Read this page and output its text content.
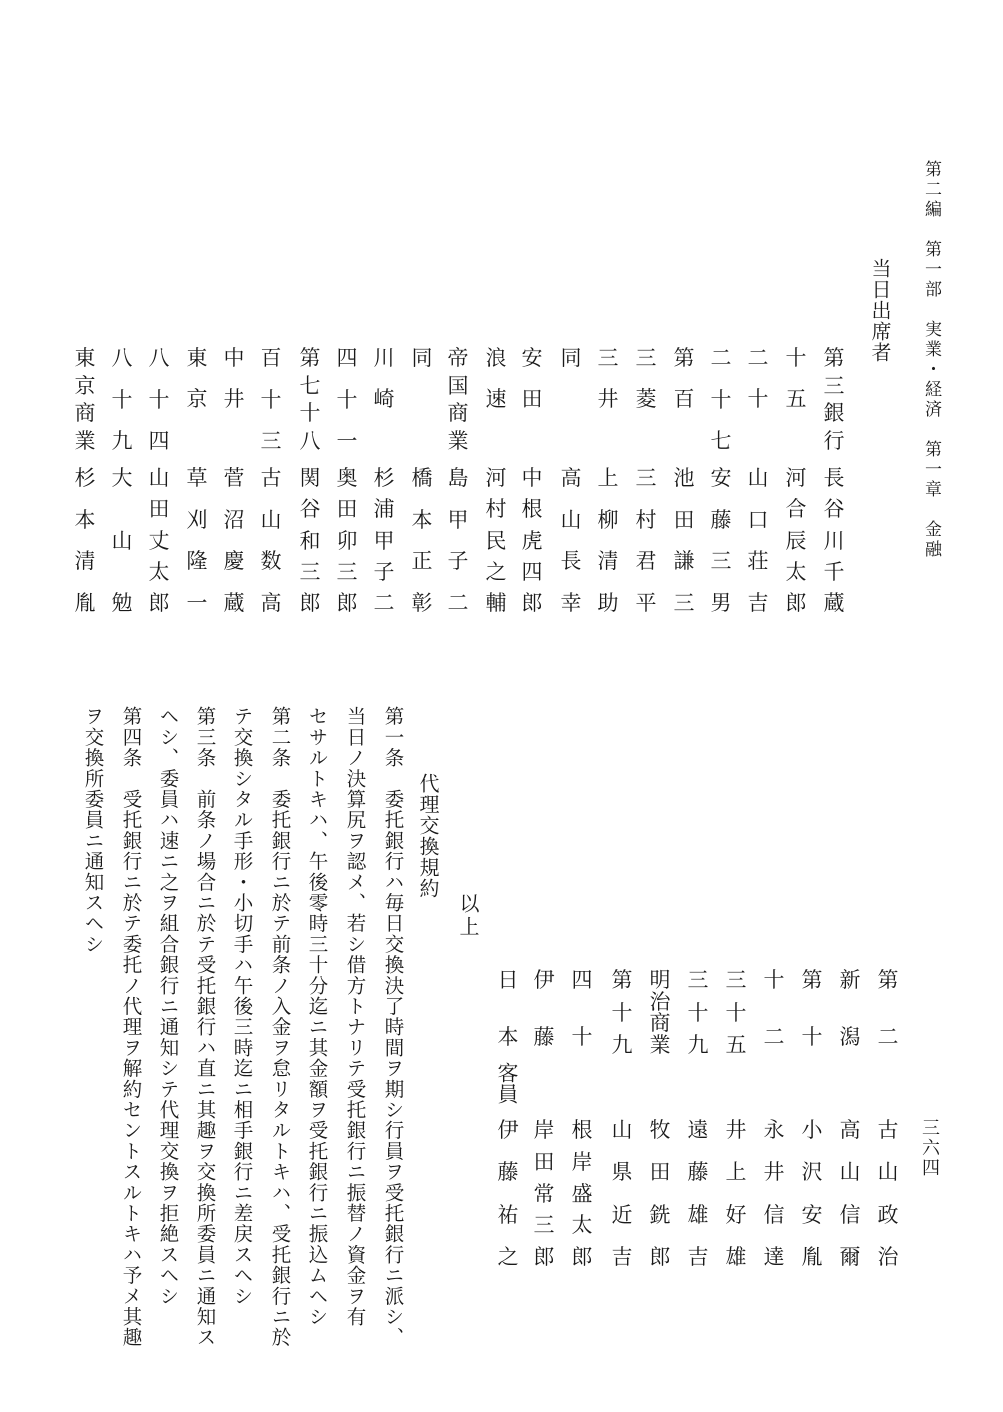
第二編　第一部　実業・経済　第一章　金融
三六四
当日出席者
第
三
銀
行
長
谷
川
千
蔵
十
五
河
合
辰
太
郎
二
十
山
口
荘
吉
二
十
七
安
藤
三
男
第
百
池
田
謙
三
三
菱
三
村
君
平
三
井
上
柳
清
助
同
高
山
長
幸
安
田
中
根
虎
四
郎
浪
速
河
村
民
之
輔
帝
国
商
業
島
甲
子
二
同
橋
本
正
彰
川
崎
杉
浦
甲
子
二
四
十
一
奥
田
卯
三
郎
第
七
十
八
関
谷
和
三
郎
百
十
三
古
山
数
高
中
井
菅
沼
慶
蔵
東
京
草
刈
隆
一
八
十
四
山
田
丈
太
郎
八
十
九
大
山
勉
東
京
商
業
杉
本
清
胤
第
二
古
山
政
治
新
潟
高
山
信
爾
第
十
小
沢
安
胤
十
二
永
井
信
達
三
十
五
井
上
好
雄
三
十
九
遠
藤
雄
吉
明
治
商
業
牧
田
銑
郎
第
十
九
山
県
近
吉
四
十
根
岸
盛
太
郎
伊
藤
岸
田
常
三
郎
日
本
客員
伊
藤
祐
之
以上
代理交換規約
第一条　委托銀行ハ毎日交換決了時間ヲ期シ行員ヲ受托銀行ニ派シ、
当日ノ決算尻ヲ認メ、若シ借方トナリテ受托銀行ニ振替ノ資金ヲ有
セサルトキハ、午後零時三十分迄ニ其金額ヲ受托銀行ニ振込ムヘシ
第二条　委托銀行ニ於テ前条ノ入金ヲ怠リタルトキハ、受托銀行ニ於
テ交換シタル手形・小切手ハ午後三時迄ニ相手銀行ニ差戻スヘシ
第三条　前条ノ場合ニ於テ受托銀行ハ直ニ其趣ヲ交換所委員ニ通知ス
ヘシ、委員ハ速ニ之ヲ組合銀行ニ通知シテ代理交換ヲ拒絶スヘシ
第四条　受托銀行ニ於テ委托ノ代理ヲ解約セントスルトキハ予メ其趣
ヲ交換所委員ニ通知スヘシ
